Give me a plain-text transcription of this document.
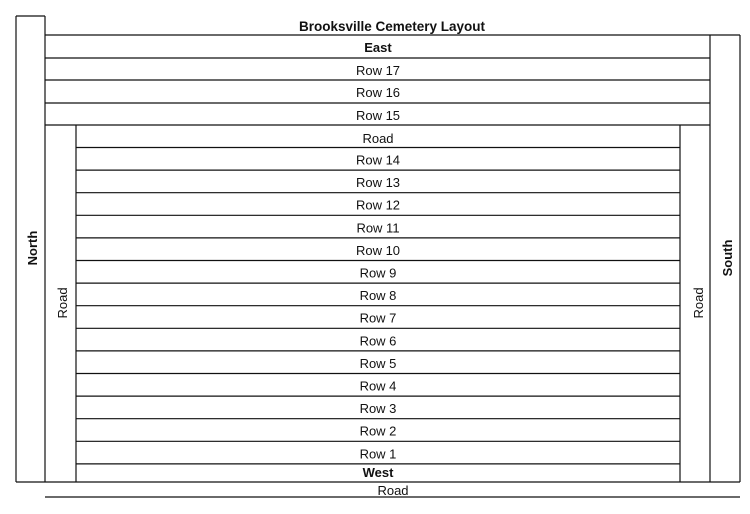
Brooksville Cemetery Layout
North	South
Road	Road
East
Row 17
Row 16
Row 15
Road
Row 14
Row 13
Row 12
Row 11
Row 10
Row 9
Row 8
Row 7
Row 6
Row 5
Row 4
Row 3
Row 2
Row 1
West
Road
